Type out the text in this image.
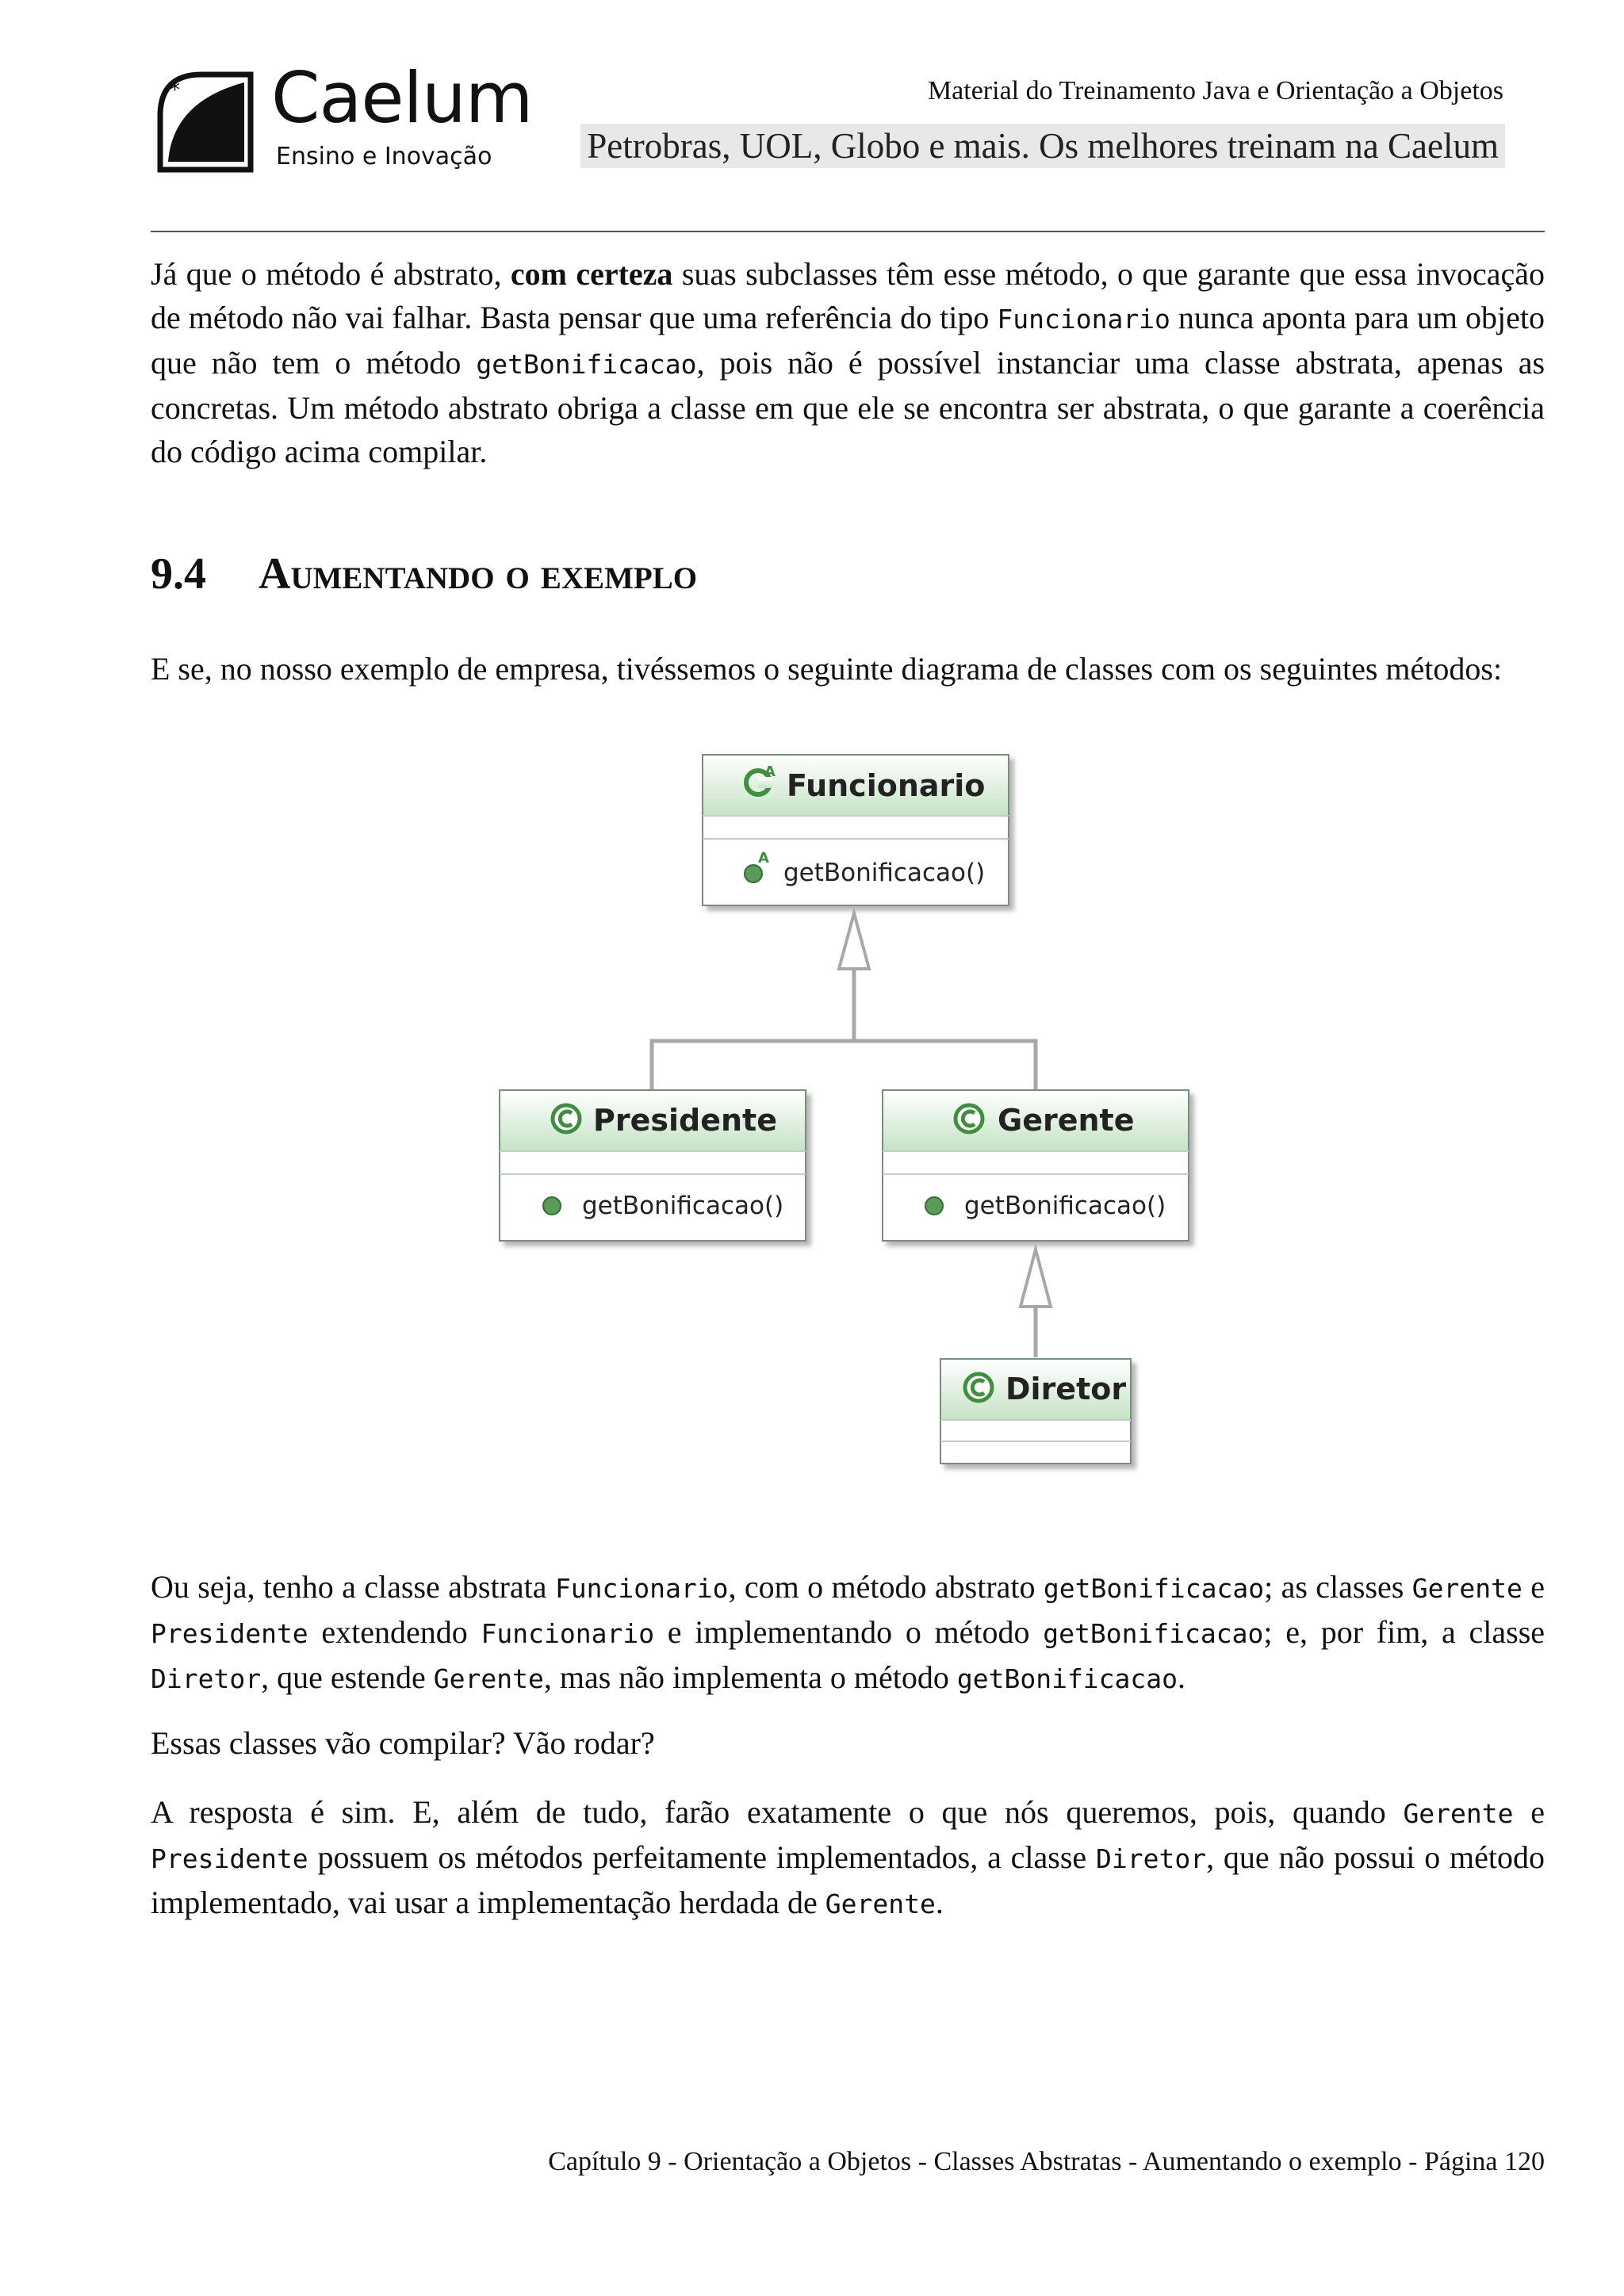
* Caelum
Ensino e Inovação
Material do Treinamento Java e Orientação a Objetos
Petrobras, UOL, Globo e mais. Os melhores treinam na Caelum

Já que o método é abstrato, com certeza suas subclasses têm esse método, o que garante que essa invocação de método não vai falhar. Basta pensar que uma referência do tipo Funcionario nunca aponta para um objeto que não tem o método getBonificacao, pois não é possível instanciar uma classe abstrata, apenas as concretas. Um método abstrato obriga a classe em que ele se encontra ser abstrata, o que garante a coerência do código acima compilar.

9.4 Aumentando o exemplo

E se, no nosso exemplo de empresa, tivéssemos o seguinte diagrama de classes com os seguintes métodos:

A Funcionario
A
getBonificacao()
Presidente
getBonificacao()
Gerente
getBonificacao()
Diretor

Ou seja, tenho a classe abstrata Funcionario, com o método abstrato getBonificacao; as classes Gerente e Presidente extendendo Funcionario e implementando o método getBonificacao; e, por fim, a classe Diretor, que estende Gerente, mas não implementa o método getBonificacao.

Essas classes vão compilar? Vão rodar?

A resposta é sim. E, além de tudo, farão exatamente o que nós queremos, pois, quando Gerente e Presidente possuem os métodos perfeitamente implementados, a classe Diretor, que não possui o método implementado, vai usar a implementação herdada de Gerente.

Capítulo 9 - Orientação a Objetos - Classes Abstratas - Aumentando o exemplo - Página 120
